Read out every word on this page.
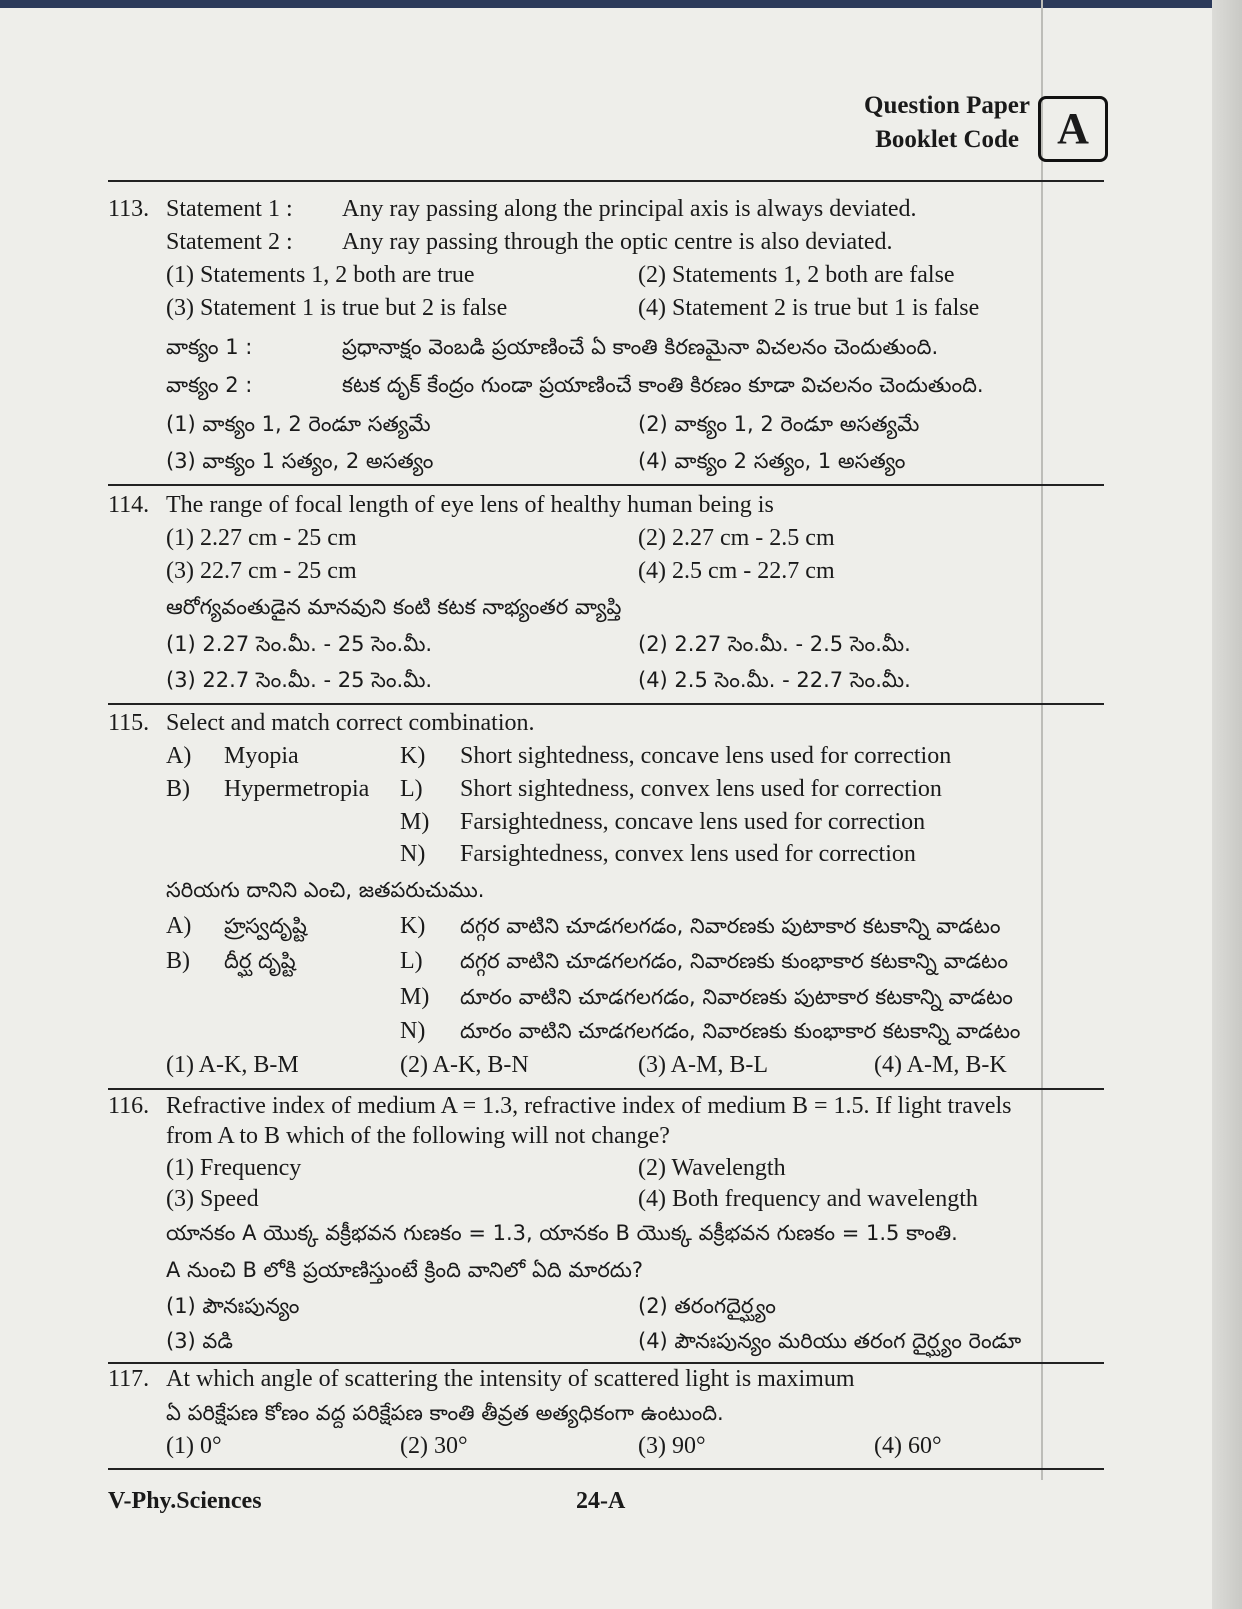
Question Paper
Booklet Code A
113. Statement 1 : Any ray passing along the principal axis is always deviated.
Statement 2 : Any ray passing through the optic centre is also deviated.
(1) Statements 1, 2 both are true	(2) Statements 1, 2 both are false
(3) Statement 1 is true but 2 is false	(4) Statement 2 is true but 1 is false
వాక్యం 1 :	ప్రధానాక్షం వెంబడి ప్రయాణించే ఏ కాంతి కిరణమైనా విచలనం చెందుతుంది.
వాక్యం 2 :	కటక దృక్ కేంద్రం గుండా ప్రయాణించే కాంతి కిరణం కూడా విచలనం చెందుతుంది.
(1) వాక్యం 1, 2 రెండూ సత్యమే	(2) వాక్యం 1, 2 రెండూ అసత్యమే
(3) వాక్యం 1 సత్యం, 2 అసత్యం	(4) వాక్యం 2 సత్యం, 1 అసత్యం
114. The range of focal length of eye lens of healthy human being is
(1) 2.27 cm - 25 cm	(2) 2.27 cm - 2.5 cm
(3) 22.7 cm - 25 cm	(4) 2.5 cm - 22.7 cm
ఆరోగ్యవంతుడైన మానవుని కంటి కటక నాభ్యంతర వ్యాప్తి
(1) 2.27 సెం.మీ. - 25 సెం.మీ.	(2) 2.27 సెం.మీ. - 2.5 సెం.మీ.
(3) 22.7 సెం.మీ. - 25 సెం.మీ.	(4) 2.5 సెం.మీ. - 22.7 సెం.మీ.
115. Select and match correct combination.
A) Myopia	K) Short sightedness, concave lens used for correction
B) Hypermetropia L) Short sightedness, convex lens used for correction
M) Farsightedness, concave lens used for correction
N) Farsightedness, convex lens used for correction
సరియగు దానిని ఎంచి, జతపరుచుము.
A) హ్రస్వదృష్టి	K) దగ్గర వాటిని చూడగలగడం, నివారణకు పుటాకార కటకాన్ని వాడటం
B) దీర్ఘ దృష్టి	L) దగ్గర వాటిని చూడగలగడం, నివారణకు కుంభాకార కటకాన్ని వాడటం
M) దూరం వాటిని చూడగలగడం, నివారణకు పుటాకార కటకాన్ని వాడటం
N) దూరం వాటిని చూడగలగడం, నివారణకు కుంభాకార కటకాన్ని వాడటం
(1) A-K, B-M	(2) A-K, B-N	(3) A-M, B-L	(4) A-M, B-K
116. Refractive index of medium A = 1.3, refractive index of medium B = 1.5. If light travels
from A to B which of the following will not change?
(1) Frequency	(2) Wavelength
(3) Speed	(4) Both frequency and wavelength
యానకం A యొక్క వక్రీభవన గుణకం = 1.3, యానకం B యొక్క వక్రీభవన గుణకం = 1.5 కాంతి.
A నుంచి B లోకి ప్రయాణిస్తుంటే క్రింది వానిలో ఏది మారదు?
(1) పౌనఃపున్యం	(2) తరంగదైర్ఘ్యం
(3) వడి	(4) పౌనఃపున్యం మరియు తరంగ దైర్ఘ్యం రెండూ
117. At which angle of scattering the intensity of scattered light is maximum
ఏ పరిక్షేపణ కోణం వద్ద పరిక్షేపణ కాంతి తీవ్రత అత్యధికంగా ఉంటుంది.
(1) 0°	(2) 30°	(3) 90°	(4) 60°
V-Phy.Sciences	24-A
